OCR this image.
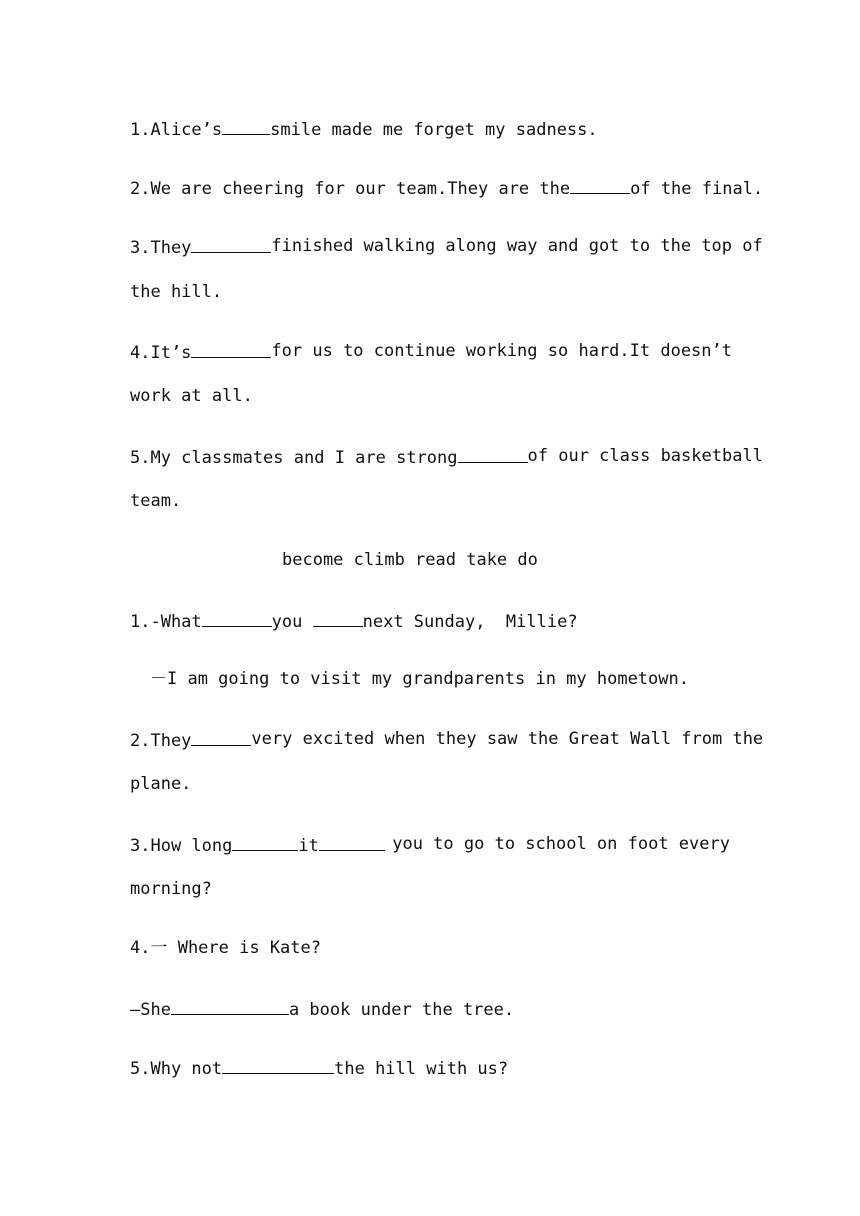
1.Alice’s	smile made me forget my sadness.
2.We are cheering for our team.They are the	of the final.
3.They	finished walking along way and got to the top of
the hill.
4.It’s	for us to continue working so hard.It doesn’t
work at all.
5.My classmates and I are strong	of our class basketball
team.
become climb read take do
1.-What	you	next Sunday,  Millie?
－I am going to visit my grandparents in my hometown.
2.They	very excited when they saw the Great Wall from the
plane.
3.How long	it	you to go to school on foot every
morning?
4.一 Where is Kate?
—She	a book under the tree.
5.Why not	the hill with us?
